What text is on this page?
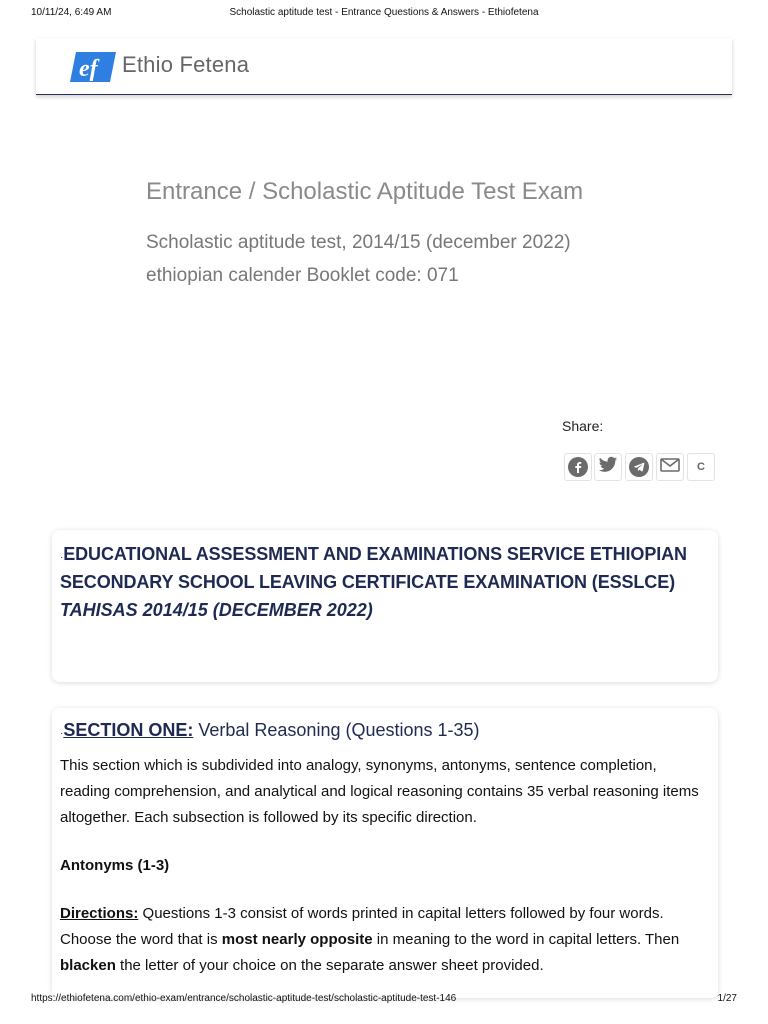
10/11/24, 6:49 AM	Scholastic aptitude test - Entrance Questions & Answers - Ethiofetena
ef Ethio Fetena
Entrance / Scholastic Aptitude Test Exam
Scholastic aptitude test, 2014/15 (december 2022) ethiopian calender Booklet code: 071
Share:
C
·EDUCATIONAL ASSESSMENT AND EXAMINATIONS SERVICE ETHIOPIAN SECONDARY SCHOOL LEAVING CERTIFICATE EXAMINATION (ESSLCE)
TAHISAS 2014/15 (DECEMBER 2022)
·SECTION ONE: Verbal Reasoning (Questions 1-35)
This section which is subdivided into analogy, synonyms, antonyms, sentence completion, reading comprehension, and analytical and logical reasoning contains 35 verbal reasoning items altogether. Each subsection is followed by its specific direction.
Antonyms (1-3)
Directions: Questions 1-3 consist of words printed in capital letters followed by four words. Choose the word that is most nearly opposite in meaning to the word in capital letters. Then blacken the letter of your choice on the separate answer sheet provided.
https://ethiofetena.com/ethio-exam/entrance/scholastic-aptitude-test/scholastic-aptitude-test-146	1/27
